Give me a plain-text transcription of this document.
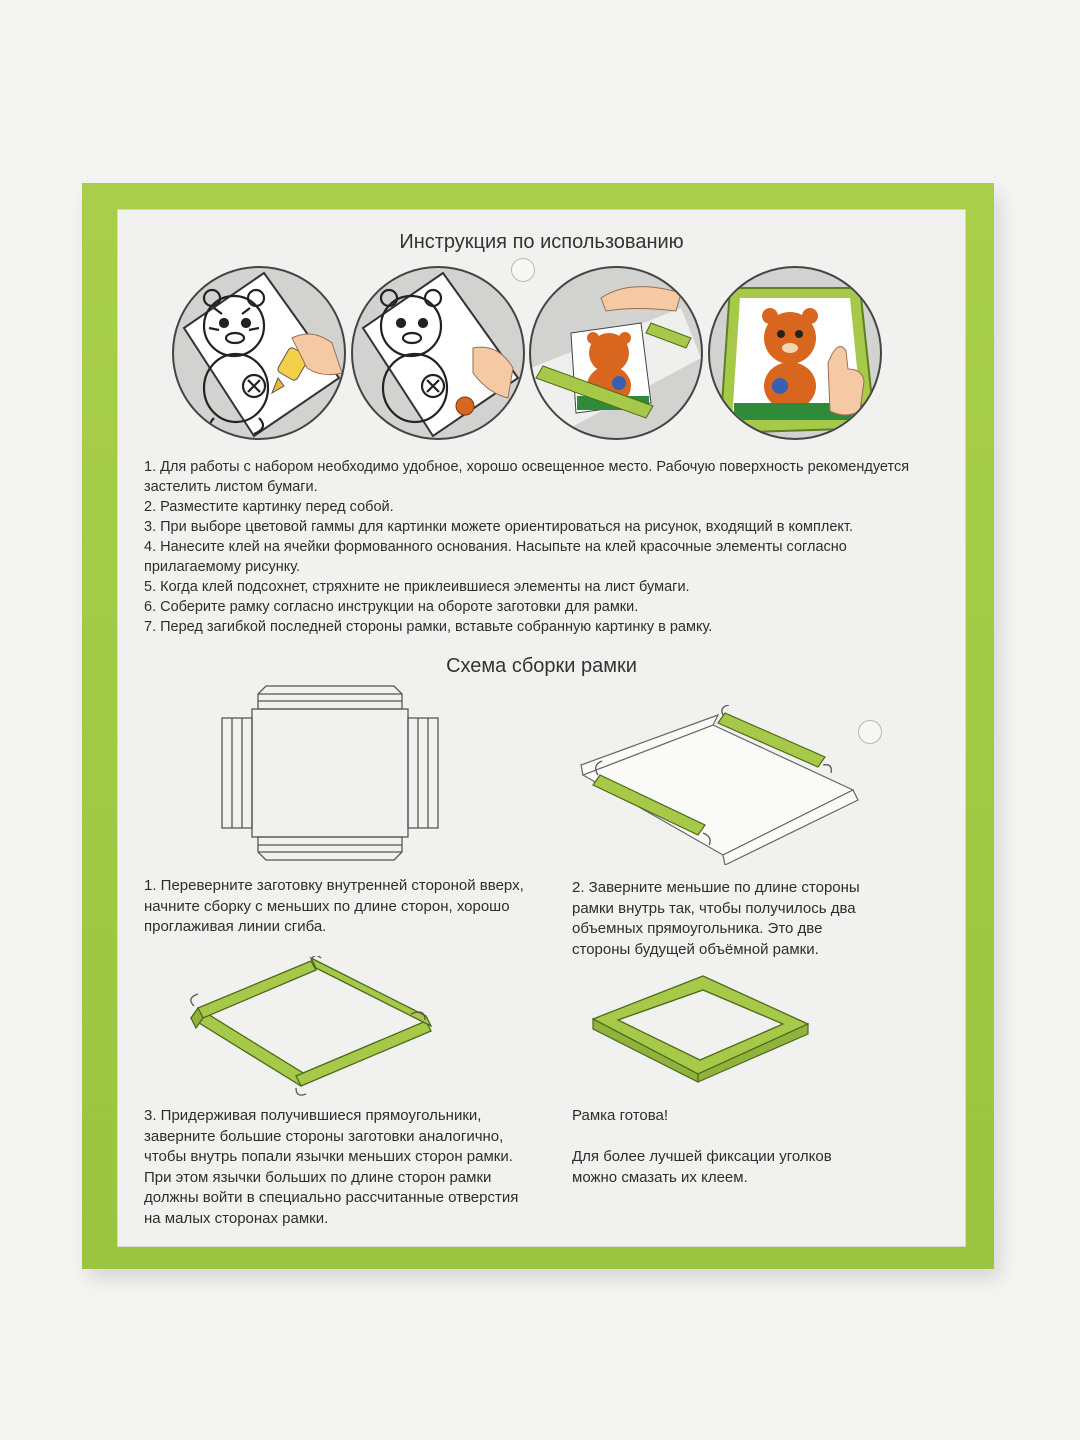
Инструкция по использованию

1. Для работы с набором необходимо удобное, хорошо освещенное место. Рабочую поверхность рекомендуется застелить листом бумаги.

2. Разместите картинку перед собой.

3. При выборе цветовой гаммы для картинки можете ориентироваться на рисунок, входящий в комплект.

4. Нанесите клей на ячейки формованного основания. Насыпьте на клей красочные элементы согласно прилагаемому рисунку.

5. Когда клей подсохнет, стряхните не приклеившиеся элементы на лист бумаги.

6. Соберите рамку согласно инструкции на обороте заготовки для рамки.

7. Перед загибкой последней стороны рамки, вставьте собранную картинку в рамку.

Схема сборки рамки
1. Переверните заготовку внутренней стороной вверх,
начните сборку с меньших по длине сторон, хорошо
проглаживая линии сгиба.
2. Заверните меньшие по длине стороны
рамки внутрь так, чтобы получилось два
объемных прямоугольника. Это две
стороны будущей объёмной рамки.
3. Придерживая получившиеся прямоугольники,
заверните большие стороны заготовки аналогично,
чтобы внутрь попали язычки меньших сторон рамки.
При этом язычки больших по длине сторон рамки
должны войти в специально рассчитанные отверстия
на малых сторонах рамки.
Рамка готова!
Для более лучшей фиксации уголков
можно смазать их клеем.
